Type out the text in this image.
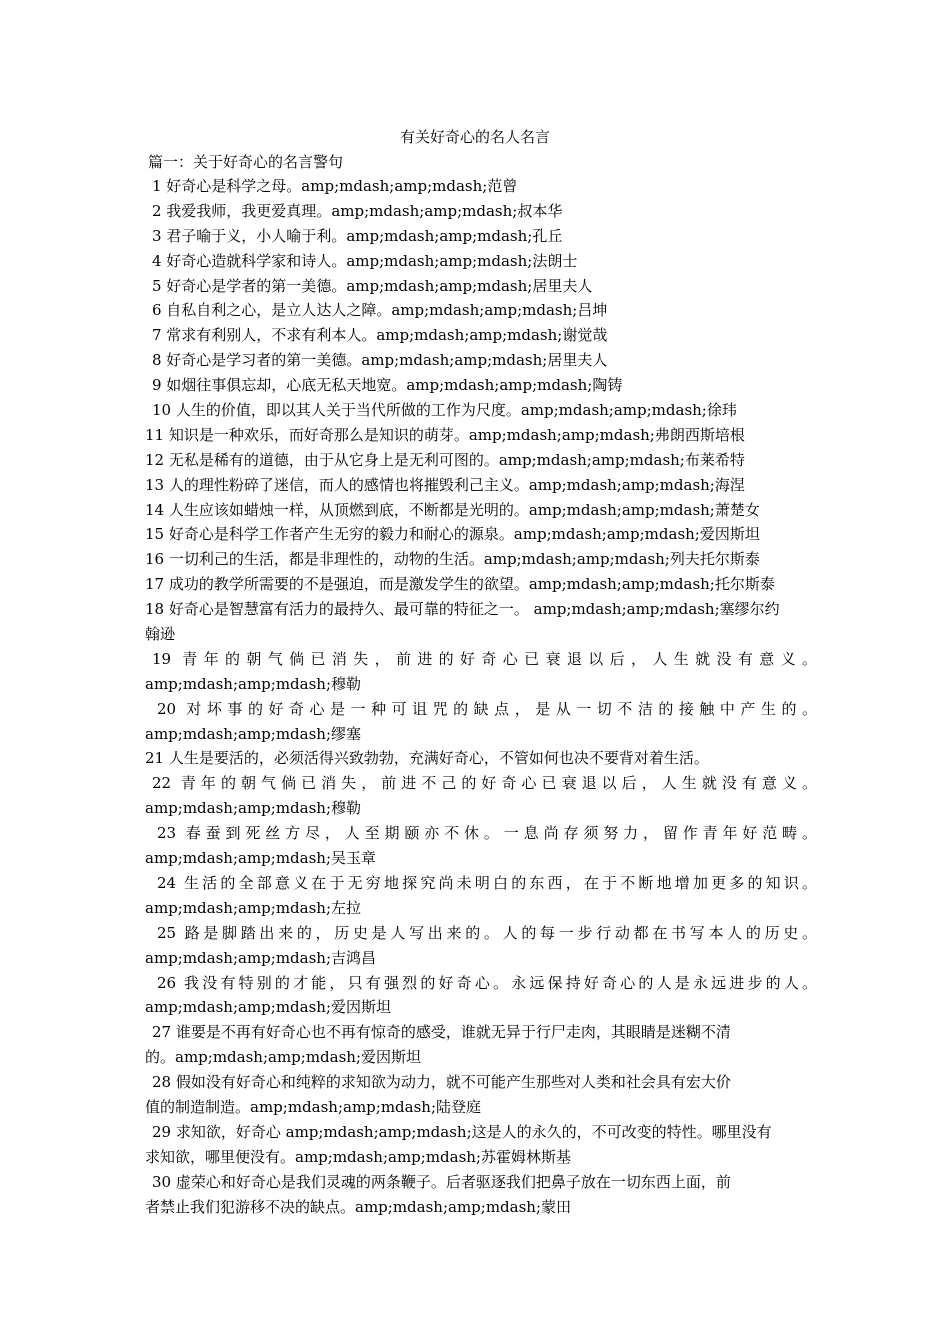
有关好奇心的名人名言
篇一：关于好奇心的名言警句
1 好奇心是科学之母。amp;mdash;amp;mdash;范曾
2 我爱我师，我更爱真理。amp;mdash;amp;mdash;叔本华
3 君子喻于义，小人喻于利。amp;mdash;amp;mdash;孔丘
4 好奇心造就科学家和诗人。amp;mdash;amp;mdash;法朗士
5 好奇心是学者的第一美德。amp;mdash;amp;mdash;居里夫人
6 自私自利之心，是立人达人之障。amp;mdash;amp;mdash;吕坤
7 常求有利别人，不求有利本人。amp;mdash;amp;mdash;谢觉哉
8 好奇心是学习者的第一美德。amp;mdash;amp;mdash;居里夫人
9 如烟往事俱忘却，心底无私天地宽。amp;mdash;amp;mdash;陶铸
10 人生的价值，即以其人关于当代所做的工作为尺度。amp;mdash;amp;mdash;徐玮
11 知识是一种欢乐，而好奇那么是知识的萌芽。amp;mdash;amp;mdash;弗朗西斯培根
12 无私是稀有的道德，由于从它身上是无利可图的。amp;mdash;amp;mdash;布莱希特
13 人的理性粉碎了迷信，而人的感情也将摧毁利己主义。amp;mdash;amp;mdash;海涅
14 人生应该如蜡烛一样，从顶燃到底，不断都是光明的。amp;mdash;amp;mdash;萧楚女
15 好奇心是科学工作者产生无穷的毅力和耐心的源泉。amp;mdash;amp;mdash;爱因斯坦
16 一切利己的生活，都是非理性的，动物的生活。amp;mdash;amp;mdash;列夫托尔斯泰
17 成功的教学所需要的不是强迫，而是激发学生的欲望。amp;mdash;amp;mdash;托尔斯泰
18 好奇心是智慧富有活力的最持久、最可靠的特征之一。 amp;mdash;amp;mdash;塞缪尔约
翰逊
19 青年的朝气倘已消失，前进的好奇心已衰退以后，人生就没有意义。
amp;mdash;amp;mdash;穆勒
20 对坏事的好奇心是一种可诅咒的缺点，是从一切不洁的接触中产生的。
amp;mdash;amp;mdash;缪塞
21 人生是要活的，必须活得兴致勃勃，充满好奇心，不管如何也决不要背对着生活。
22 青年的朝气倘已消失，前进不己的好奇心已衰退以后，人生就没有意义。
amp;mdash;amp;mdash;穆勒
23 春蚕到死丝方尽，人至期颐亦不休。一息尚存须努力，留作青年好范畴。
amp;mdash;amp;mdash;吴玉章
24 生活的全部意义在于无穷地探究尚未明白的东西，在于不断地增加更多的知识。
amp;mdash;amp;mdash;左拉
25 路是脚踏出来的，历史是人写出来的。人的每一步行动都在书写本人的历史。
amp;mdash;amp;mdash;吉鸿昌
26 我没有特别的才能，只有强烈的好奇心。永远保持好奇心的人是永远进步的人。
amp;mdash;amp;mdash;爱因斯坦
27 谁要是不再有好奇心也不再有惊奇的感受，谁就无异于行尸走肉，其眼睛是迷糊不清
的。amp;mdash;amp;mdash;爱因斯坦
28 假如没有好奇心和纯粹的求知欲为动力，就不可能产生那些对人类和社会具有宏大价
值的制造制造。amp;mdash;amp;mdash;陆登庭
29 求知欲，好奇心 amp;mdash;amp;mdash;这是人的永久的，不可改变的特性。哪里没有
求知欲，哪里便没有。amp;mdash;amp;mdash;苏霍姆林斯基
30 虚荣心和好奇心是我们灵魂的两条鞭子。后者驱逐我们把鼻子放在一切东西上面，前
者禁止我们犯游移不决的缺点。amp;mdash;amp;mdash;蒙田
